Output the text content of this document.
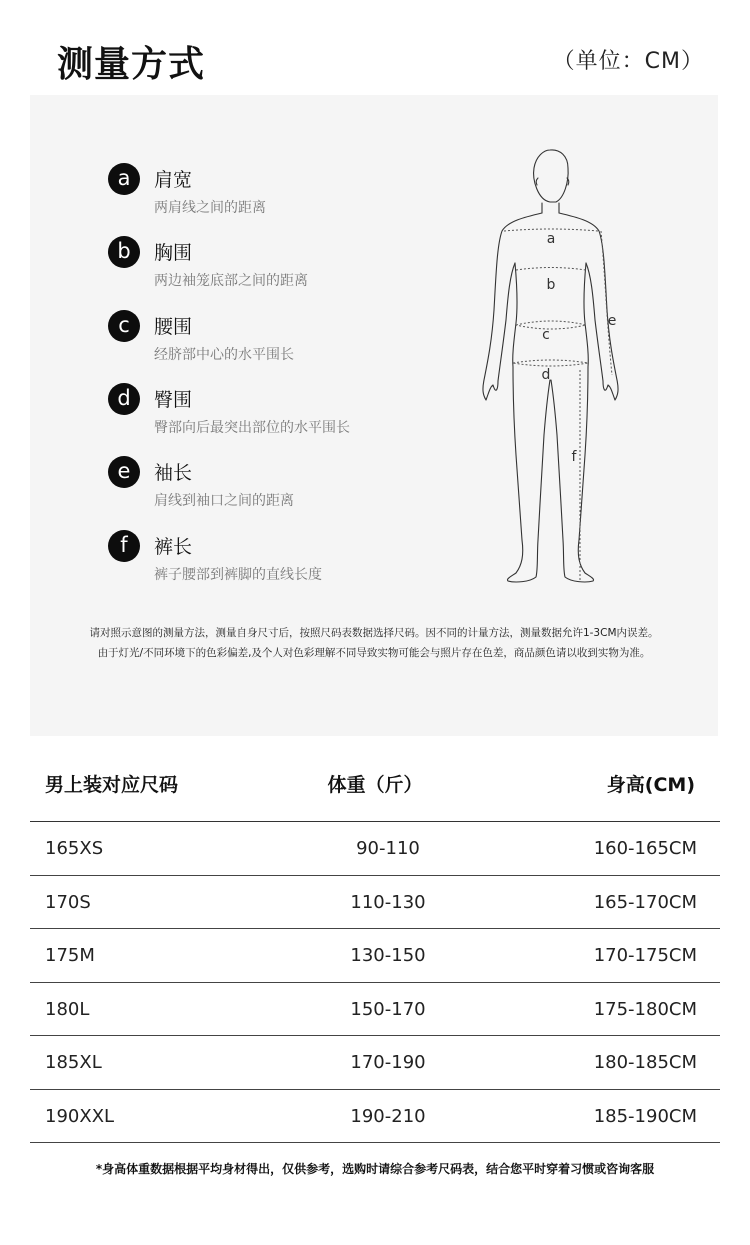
测量方式	（单位：CM）
a	肩宽
两肩线之间的距离
b	胸围
两边袖笼底部之间的距离
c	腰围
经脐部中心的水平围长
d	臀围
臀部向后最突出部位的水平围长
e	袖长
肩线到袖口之间的距离
f	裤长
裤子腰部到裤脚的直线长度
a
b
c
d
e
f
请对照示意图的测量方法，测量自身尺寸后，按照尺码表数据选择尺码。因不同的计量方法，测量数据允许1-3CM内误差。
由于灯光/不同环境下的色彩偏差,及个人对色彩理解不同导致实物可能会与照片存在色差，商品颜色请以收到实物为准。
男上装对应尺码	体重（斤）	身高(CM)
165XS	90-110	160-165CM
170S	110-130	165-170CM
175M	130-150	170-175CM
180L	150-170	175-180CM
185XL	170-190	180-185CM
190XXL	190-210	185-190CM
*身高体重数据根据平均身材得出，仅供参考，选购时请综合参考尺码表，结合您平时穿着习惯或咨询客服
